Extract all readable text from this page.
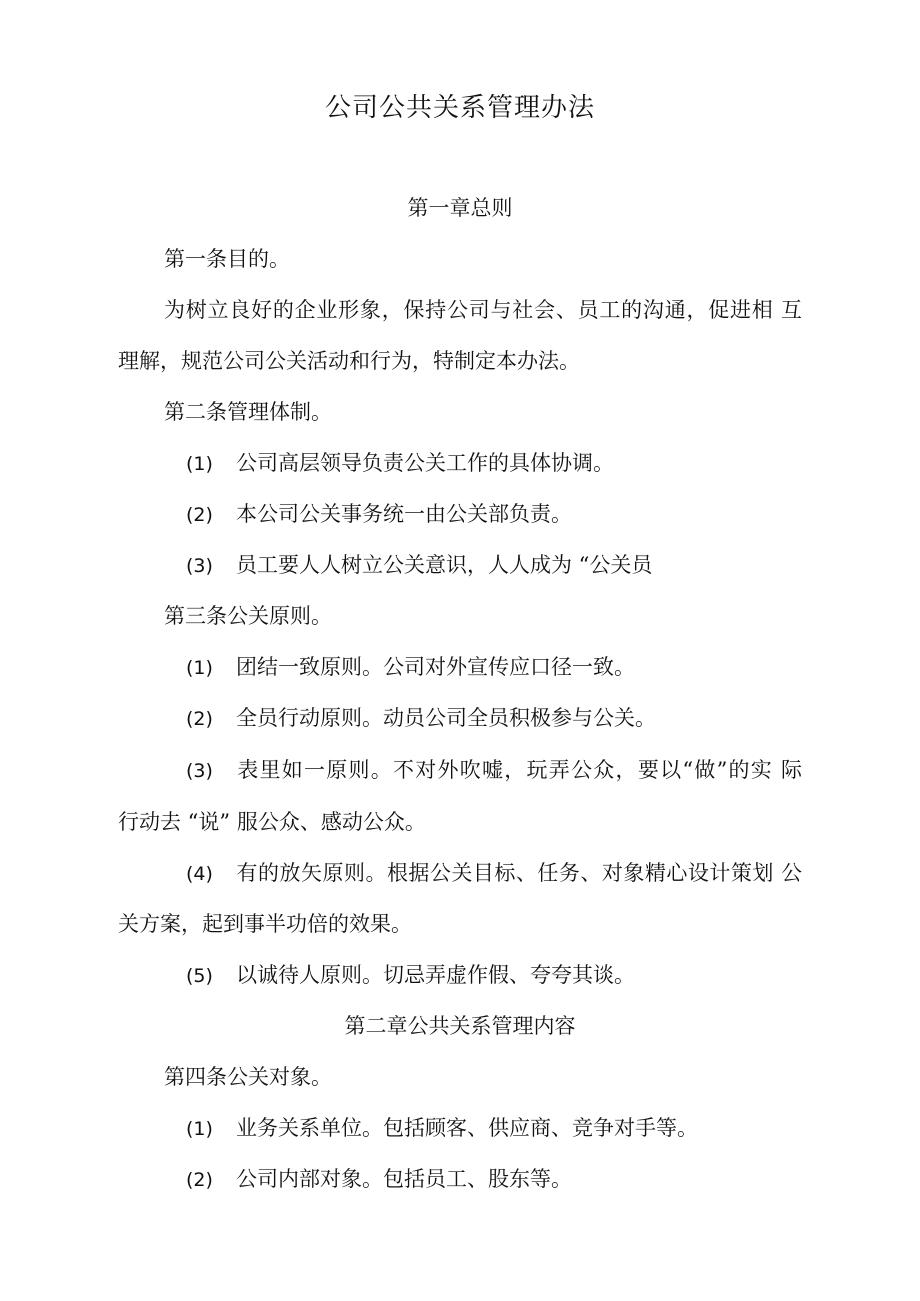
公司公共关系管理办法
第一章总则
第一条目的。
为树立良好的企业形象，保持公司与社会、员工的沟通，促进相 互
理解，规范公司公关活动和行为，特制定本办法。
第二条管理体制。
(1) 公司高层领导负责公关工作的具体协调。
(2) 本公司公关事务统一由公关部负责。
(3) 员工要人人树立公关意识，人人成为 “公关员
第三条公关原则。
(1) 团结一致原则。公司对外宣传应口径一致。
(2) 全员行动原则。动员公司全员积极参与公关。
(3) 表里如一原则。不对外吹嘘，玩弄公众，要以“做”的实 际
行动去 “说” 服公众、感动公众。
(4) 有的放矢原则。根据公关目标、任务、对象精心设计策划 公
关方案，起到事半功倍的效果。
(5) 以诚待人原则。切忌弄虚作假、夸夸其谈。
第二章公共关系管理内容
第四条公关对象。
(1) 业务关系单位。包括顾客、供应商、竞争对手等。
(2) 公司内部对象。包括员工、股东等。
